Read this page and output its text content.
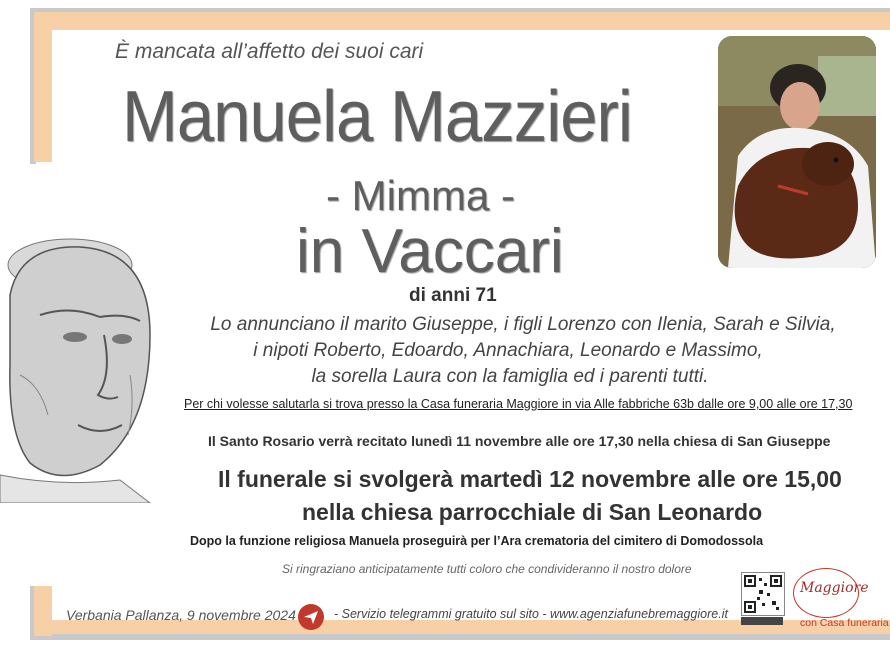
È mancata all’affetto dei suoi cari
Manuela Mazzieri
- Mimma -
in Vaccari
di anni 71
Lo annunciano il marito Giuseppe, i figli Lorenzo con Ilenia, Sarah e Silvia,
i nipoti Roberto, Edoardo, Annachiara, Leonardo e Massimo,
la sorella Laura con la famiglia ed i parenti tutti.
Per chi volesse salutarla si trova presso la Casa funeraria Maggiore in via Alle fabbriche 63b dalle ore 9,00 alle ore 17,30
Il Santo Rosario verrà recitato lunedì 11 novembre alle ore 17,30 nella chiesa di San Giuseppe
Il funerale si svolgerà martedì 12 novembre alle ore 15,00
nella chiesa parrocchiale di San Leonardo
Dopo la funzione religiosa Manuela proseguirà per l’Ara crematoria del cimitero di Domodossola
Si ringraziano anticipatamente tutti coloro che condivideranno il nostro dolore
Verbania Pallanza, 9 novembre 2024	- Servizio telegrammi gratuito sul sito - www.agenziafunebremaggiore.it
Maggiore
con Casa funeraria
